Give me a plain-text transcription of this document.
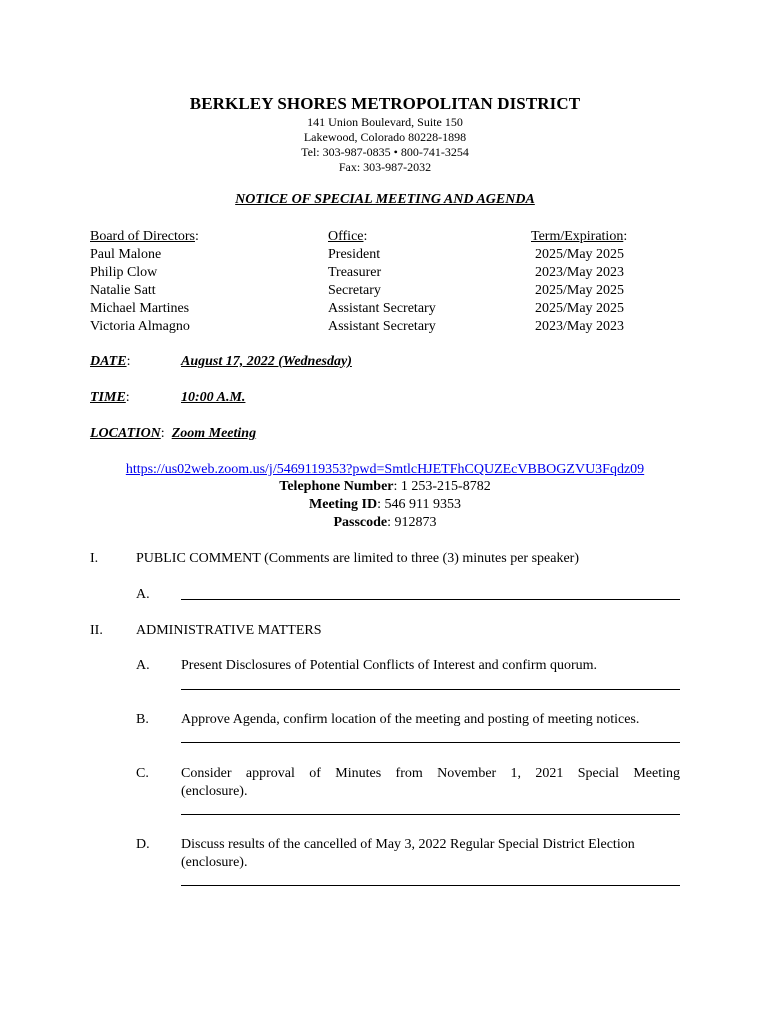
BERKLEY SHORES METROPOLITAN DISTRICT
141 Union Boulevard, Suite 150
Lakewood, Colorado 80228-1898
Tel: 303-987-0835 • 800-741-3254
Fax: 303-987-2032
NOTICE OF SPECIAL MEETING AND AGENDA
Board of Directors:	Office:	Term/Expiration:
Paul Malone	President	2025/May 2025
Philip Clow	Treasurer	2023/May 2023
Natalie Satt	Secretary	2025/May 2025
Michael Martines	Assistant Secretary	2025/May 2025
Victoria Almagno	Assistant Secretary	2023/May 2023
DATE:	August 17, 2022 (Wednesday)
TIME:	10:00 A.M.
LOCATION:  Zoom Meeting
https://us02web.zoom.us/j/5469119353?pwd=SmtlcHJETFhCQUZEcVBBOGZVU3Fqdz09
Telephone Number: 1 253-215-8782
Meeting ID: 546 911 9353
Passcode: 912873
I.	PUBLIC COMMENT (Comments are limited to three (3) minutes per speaker)
A.
II. ADMINISTRATIVE MATTERS
A. Present Disclosures of Potential Conflicts of Interest and confirm quorum.
B. Approve Agenda, confirm location of the meeting and posting of meeting notices.
C. Consider approval of Minutes from November 1, 2021 Special Meeting
(enclosure).
D. Discuss results of the cancelled of May 3, 2022 Regular Special District Election
(enclosure).
